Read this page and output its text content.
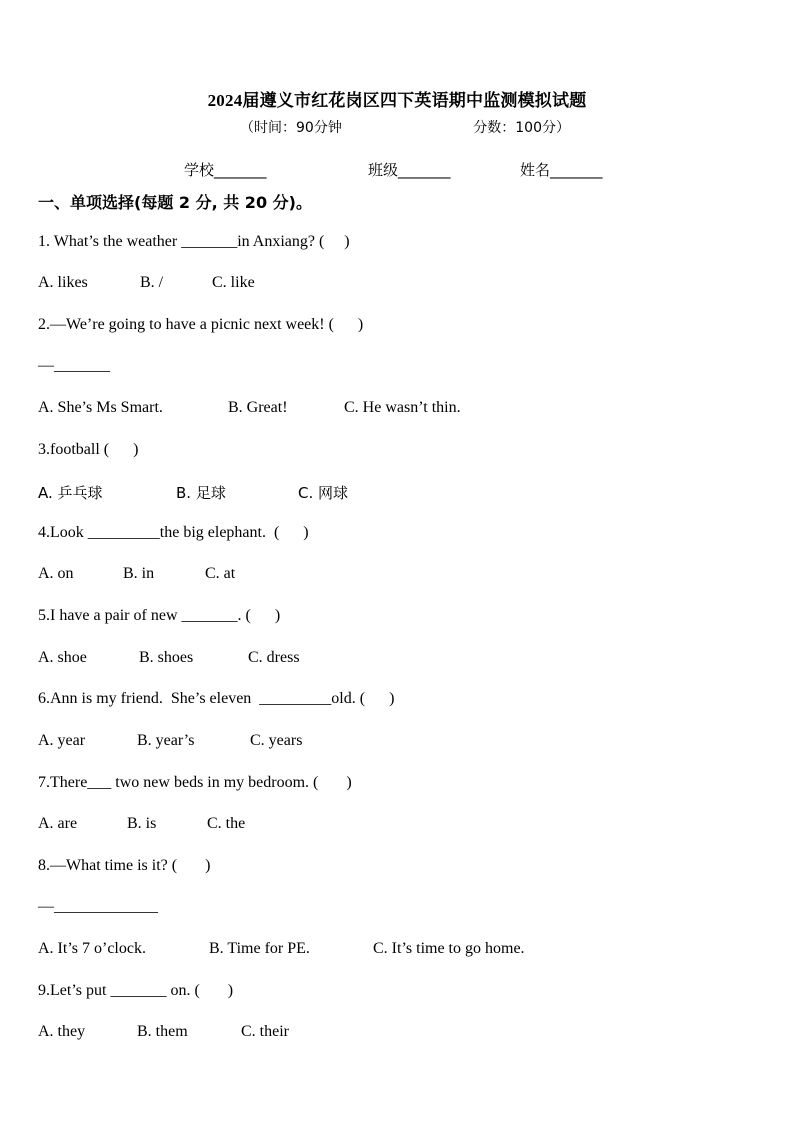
2024届遵义市红花岗区四下英语期中监测模拟试题
（时间：90分钟	分数：100分）
学校_______	班级_______	姓名_______
一、单项选择(每题 2 分, 共 20 分)。
1. What’s the weather _______in Anxiang? (     )
A. likes	B. /	C. like
2.—We’re going to have a picnic next week! (      )
—_______
A. She’s Ms Smart.	B. Great!	C. He wasn’t thin.
3.football (      )
A. 乒乓球	B. 足球	C. 网球
4.Look _________the big elephant.  (      )
A. on	B. in	C. at
5.I have a pair of new _______. (      )
A. shoe	B. shoes	C. dress
6.Ann is my friend.  She’s eleven  _________old. (      )
A. year	B. year’s	C. years
7.There___ two new beds in my bedroom. (       )
A. are	B. is	C. the
8.—What time is it? (       )
—_____________
A. It’s 7 o’clock.	B. Time for PE.	C. It’s time to go home.
9.Let’s put _______ on. (       )
A. they	B. them	C. their
